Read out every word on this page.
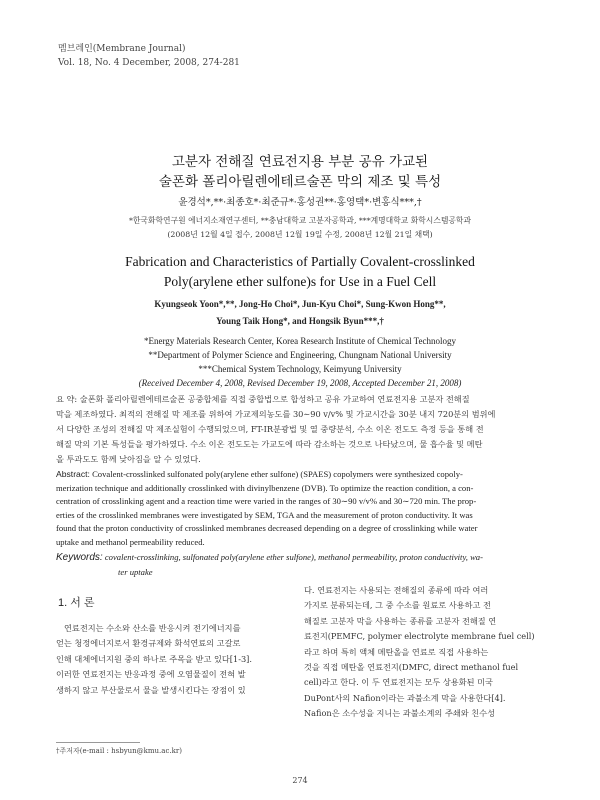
멤브레인(Membrane Journal)
Vol. 18, No. 4 December, 2008, 274-281
고분자 전해질 연료전지용 부분 공유 가교된
술폰화 폴리아릴렌에테르술폰 막의 제조 및 특성
윤경석*,**·최종호*·최준규*·홍성권**·홍영택*·변홍식***,†
*한국화학연구원 에너지소재연구센터, **충남대학교 고분자공학과, ***계명대학교 화학시스템공학과
(2008년 12월 4일 접수, 2008년 12월 19일 수정, 2008년 12월 21일 채택)
Fabrication and Characteristics of Partially Covalent-crosslinked
Poly(arylene ether sulfone)s for Use in a Fuel Cell
Kyungseok Yoon*,**, Jong-Ho Choi*, Jun-Kyu Choi*, Sung-Kwon Hong**,
Young Taik Hong*, and Hongsik Byun***,†
*Energy Materials Research Center, Korea Research Institute of Chemical Technology
**Department of Polymer Science and Engineering, Chungnam National University
***Chemical System Technology, Keimyung University
(Received December 4, 2008, Revised December 19, 2008, Accepted December 21, 2008)
요 약: 술폰화 폴리아릴렌에테르술폰 공중합체를 직접 중합법으로 합성하고 공유 가교하여 연료전지용 고분자 전해질
막을 제조하였다. 최적의 전해질 막 제조를 위하여 가교제의농도를 30∼90 v/v% 및 가교시간을 30분 내지 720분의 범위에
서 다양한 조성의 전해질 막 제조실험이 수행되었으며, FT-IR분광법 및 열 중량분석, 수소 이온 전도도 측정 등을 통해 전
해질 막의 기본 특성들을 평가하였다. 수소 이온 전도도는 가교도에 따라 감소하는 것으로 나타났으며, 물 흡수율 및 메탄
올 투과도도 함께 낮아짐을 알 수 있었다.
Abstract: Covalent-crosslinked sulfonated poly(arylene ether sulfone) (SPAES) copolymers were synthesized copoly-
merization technique and additionally crosslinked with divinylbenzene (DVB). To optimize the reaction condition, a con-
centration of crosslinking agent and a reaction time were varied in the ranges of 30∼90 v/v% and 30∼720 min. The prop-
erties of the crosslinked membranes were investigated by SEM, TGA and the measurement of proton conductivity. It was
found that the proton conductivity of crosslinked membranes decreased depending on a degree of crosslinking while water
uptake and methanol permeability reduced.
Keywords: covalent-crosslinking, sulfonated poly(arylene ether sulfone), methanol permeability, proton conductivity, wa-
ter uptake
1. 서 론
연료전지는 수소와 산소를 반응시켜 전기에너지를
얻는 청정에너지로서 환경규제와 화석연료의 고갈로
인해 대체에너지원 중의 하나로 주목을 받고 있다[1-3].
이러한 연료전지는 반응과정 중에 오염물질이 전혀 발
생하지 않고 부산물로서 물을 발생시킨다는 장점이 있
다. 연료전지는 사용되는 전해질의 종류에 따라 여러
가지로 분류되는데, 그 중 수소를 원료로 사용하고 전
해질로 고분자 막을 사용하는 종류를 고분자 전해질 연
료전지(PEMFC, polymer electrolyte membrane fuel cell)
라고 하며 특히 액체 메탄올을 연료로 직접 사용하는
것을 직접 메탄올 연료전지(DMFC, direct methanol fuel
cell)라고 한다. 이 두 연료전지는 모두 상용화된 미국
DuPont사의 Nafion이라는 과불소계 막을 사용한다[4].
Nafion은 소수성을 지니는 과불소계의 주쇄와 친수성
†주저자(e-mail : hsbyun@kmu.ac.kr)
274
